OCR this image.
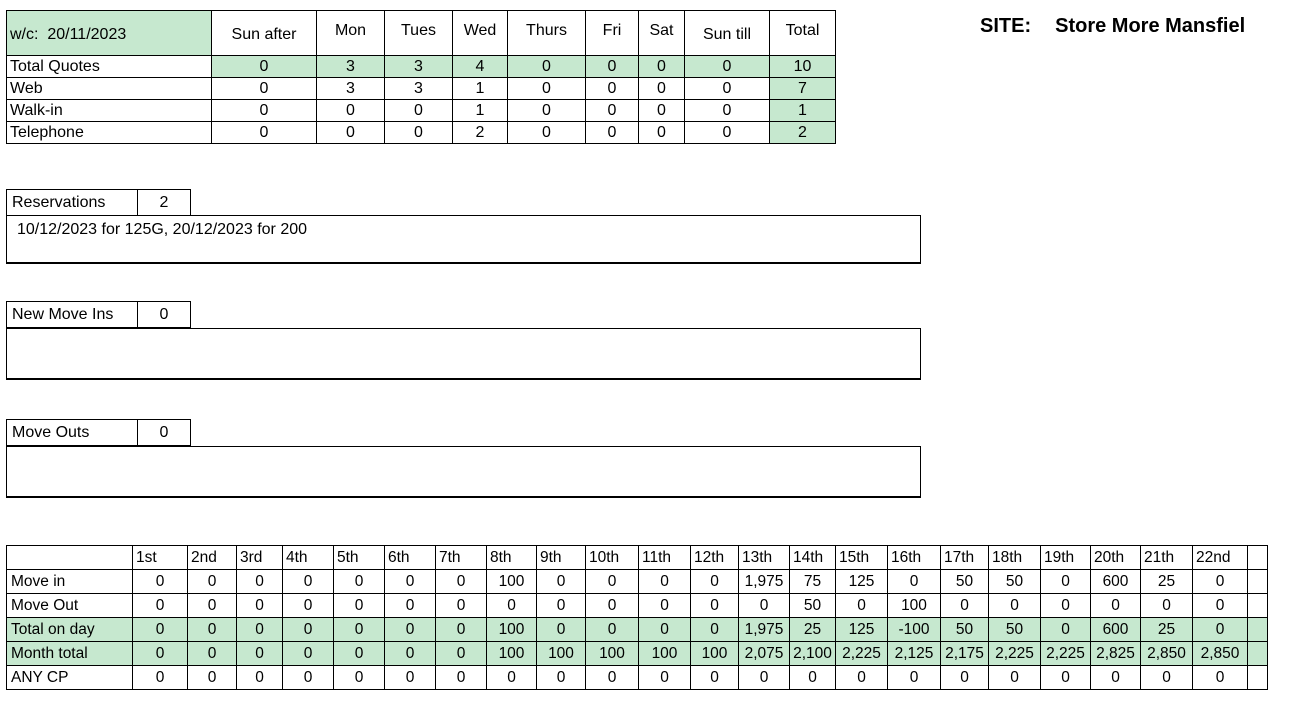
w/c: 20/11/2023	Sun after	Mon	Tues	Wed	Thurs	Fri	Sat	Sun till	Total
Total Quotes	0	3	3	4	0	0	0	0	10
Web	0	3	3	1	0	0	0	0	7
Walk-in	0	0	0	1	0	0	0	0	1
Telephone	0	0	0	2	0	0	0	0	2
SITE: Store More Mansfiel
Reservations	2
10/12/2023 for 125G, 20/12/2023 for 200
New Move Ins	0
Move Outs	0
	1st	2nd	3rd	4th	5th	6th	7th	8th	9th	10th	11th	12th	13th	14th	15th	16th	17th	18th	19th	20th	21th	22nd	
Move in	0	0	0	0	0	0	0	100	0	0	0	0	1,975	75	125	0	50	50	0	600	25	0	
Move Out	0	0	0	0	0	0	0	0	0	0	0	0	0	50	0	100	0	0	0	0	0	0	
Total on day	0	0	0	0	0	0	0	100	0	0	0	0	1,975	25	125	-100	50	50	0	600	25	0	
Month total	0	0	0	0	0	0	0	100	100	100	100	100	2,075	2,100	2,225	2,125	2,175	2,225	2,225	2,825	2,850	2,850	
ANY CP	0	0	0	0	0	0	0	0	0	0	0	0	0	0	0	0	0	0	0	0	0	0	
